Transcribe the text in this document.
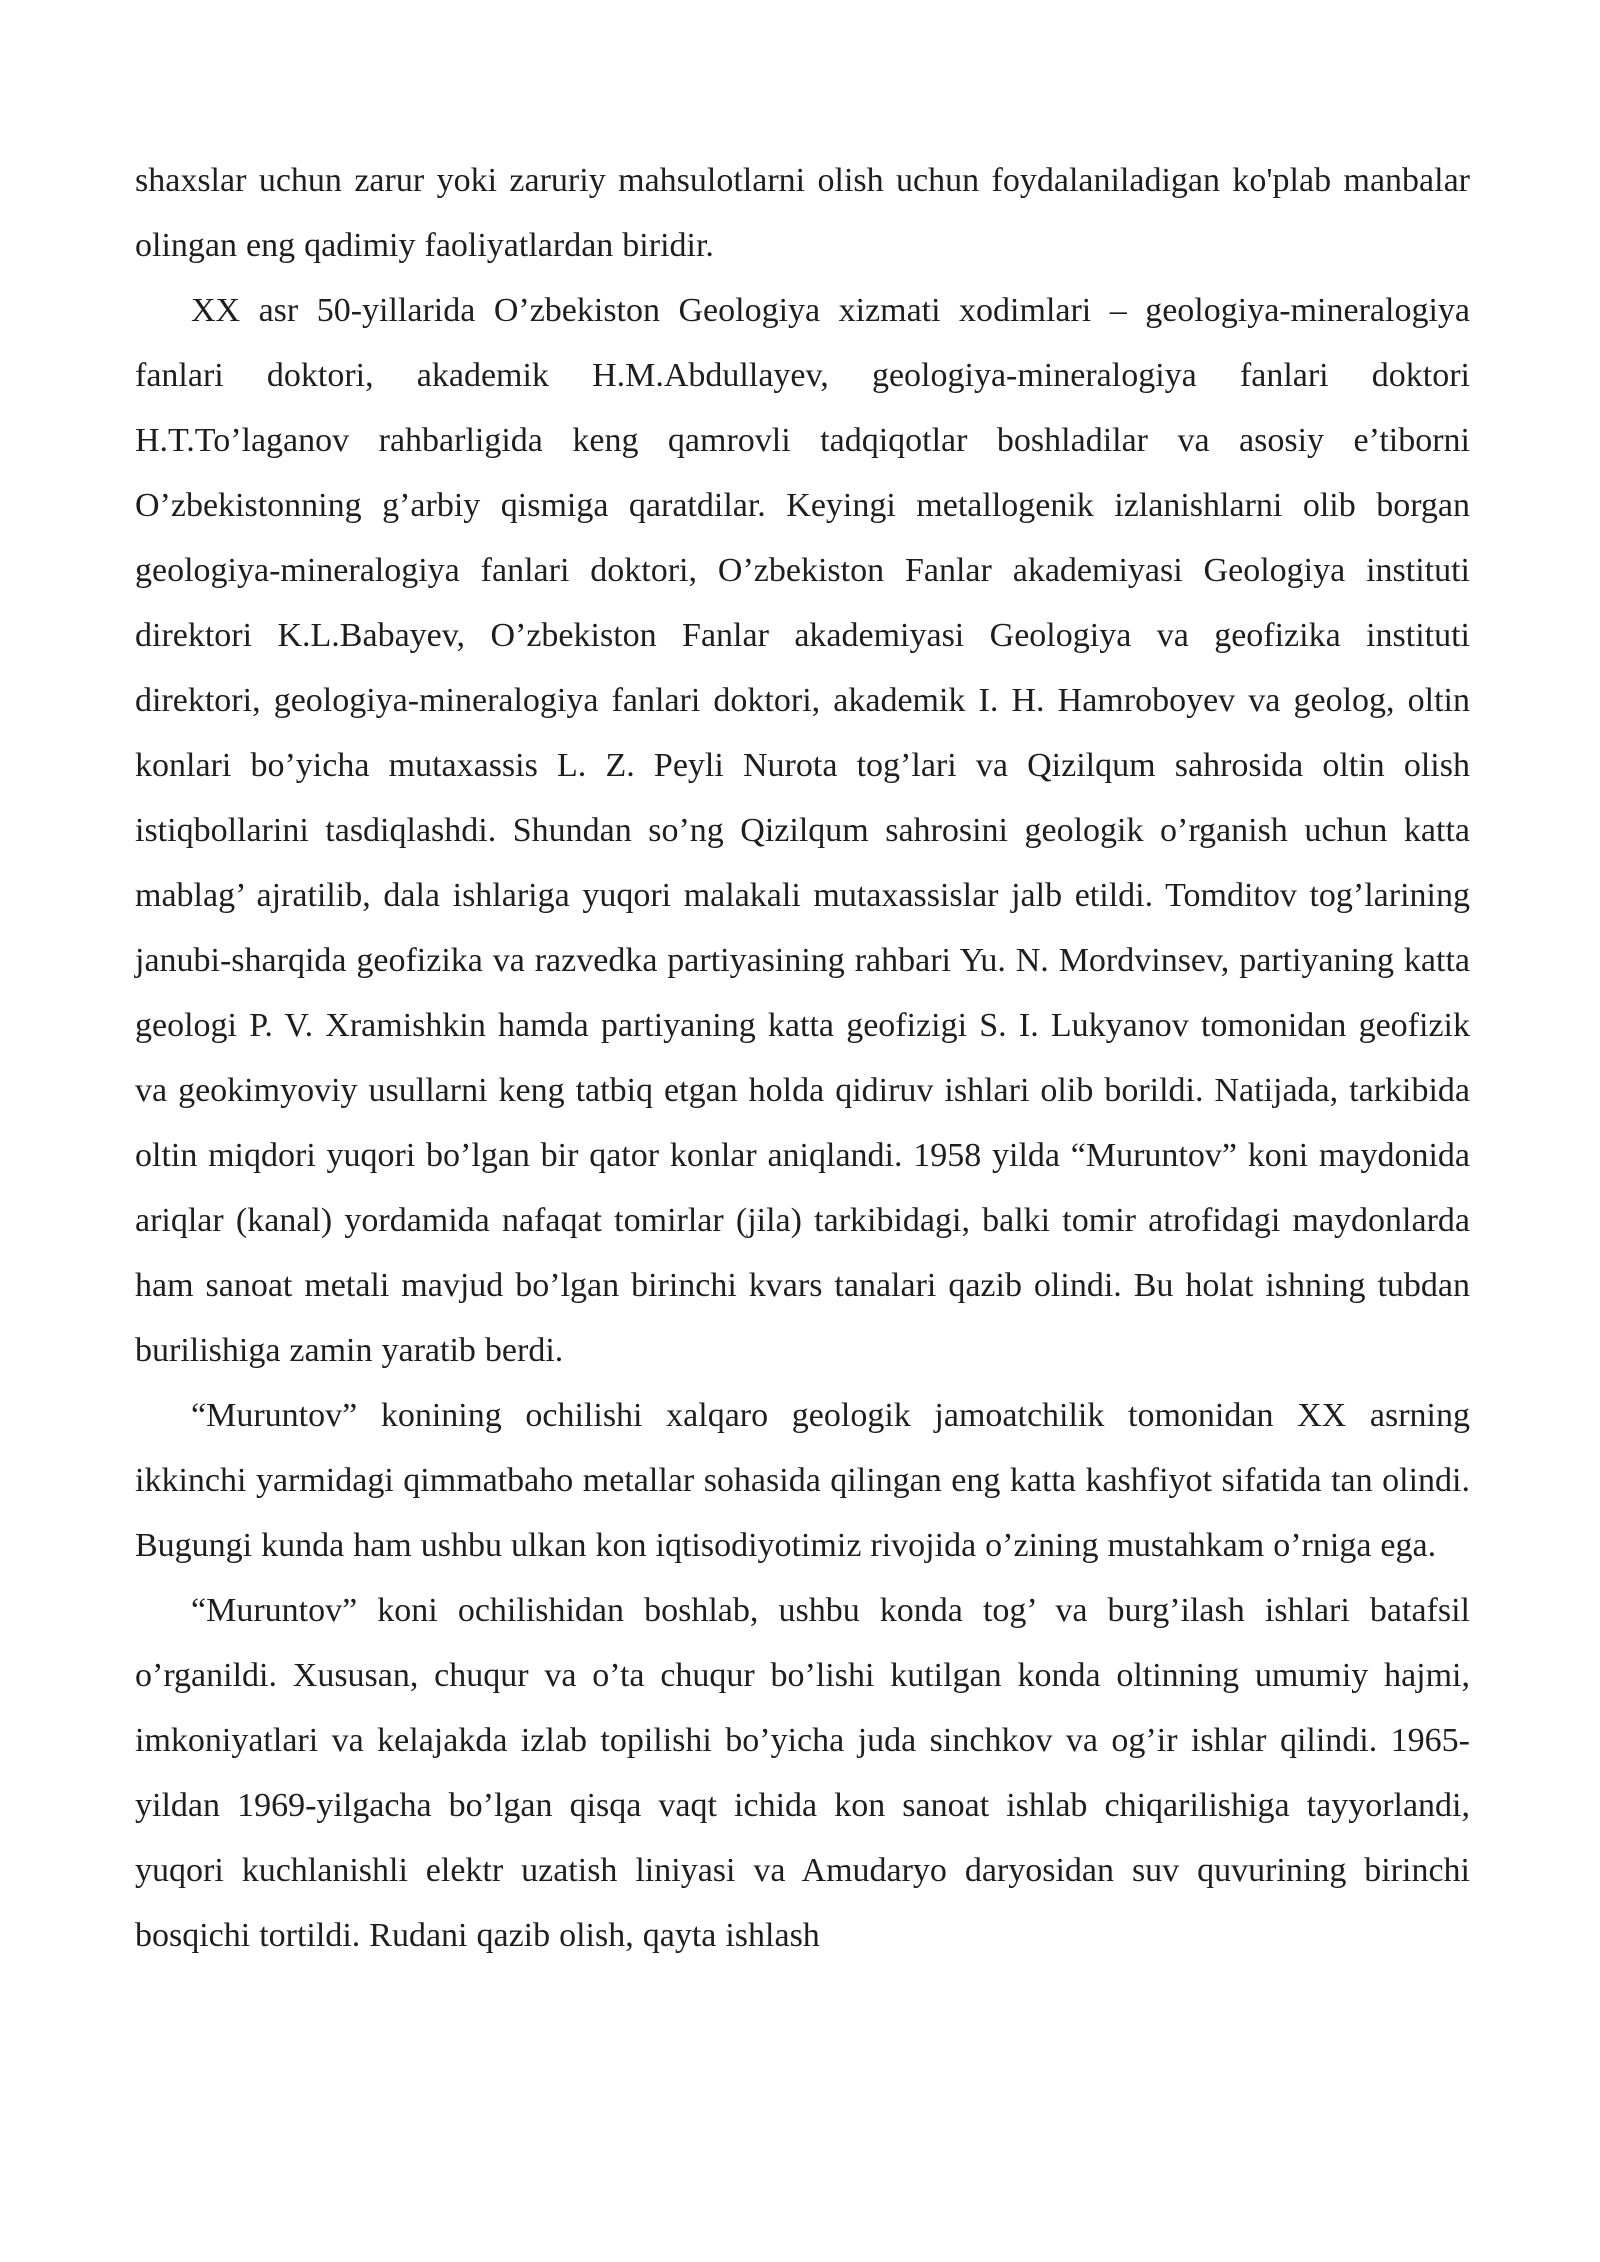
shaxslar uchun zarur yoki zaruriy mahsulotlarni olish uchun foydalaniladigan ko'plab manbalar olingan eng qadimiy faoliyatlardan biridir.

XX asr 50-yillarida O’zbekiston Geologiya xizmati xodimlari – geologiya-mineralogiya fanlari doktori, akademik H.M.Abdullayev, geologiya-mineralogiya fanlari doktori H.T.To’laganov rahbarligida keng qamrovli tadqiqotlar boshladilar va asosiy e’tiborni O’zbekistonning g’arbiy qismiga qaratdilar. Keyingi metallogenik izlanishlarni olib borgan geologiya-mineralogiya fanlari doktori, O’zbekiston Fanlar akademiyasi Geologiya instituti direktori K.L.Babayev, O’zbekiston Fanlar akademiyasi Geologiya va geofizika instituti direktori, geologiya-mineralogiya fanlari doktori, akademik I. H. Hamroboyev va geolog, oltin konlari bo’yicha mutaxassis L. Z. Peyli Nurota tog’lari va Qizilqum sahrosida oltin olish istiqbollarini tasdiqlashdi. Shundan so’ng Qizilqum sahrosini geologik o’rganish uchun katta mablag’ ajratilib, dala ishlariga yuqori malakali mutaxassislar jalb etildi. Tomditov tog’larining janubi-sharqida geofizika va razvedka partiyasining rahbari Yu. N. Mordvinsev, partiyaning katta geologi P. V. Xramishkin hamda partiyaning katta geofizigi S. I. Lukyanov tomonidan geofizik va geokimyoviy usullarni keng tatbiq etgan holda qidiruv ishlari olib borildi. Natijada, tarkibida oltin miqdori yuqori bo’lgan bir qator konlar aniqlandi. 1958 yilda “Muruntov” koni maydonida ariqlar (kanal) yordamida nafaqat tomirlar (jila) tarkibidagi, balki tomir atrofidagi maydonlarda ham sanoat metali mavjud bo’lgan birinchi kvars tanalari qazib olindi. Bu holat ishning tubdan burilishiga zamin yaratib berdi.

“Muruntov” konining ochilishi xalqaro geologik jamoatchilik tomonidan XX asrning ikkinchi yarmidagi qimmatbaho metallar sohasida qilingan eng katta kashfiyot sifatida tan olindi. Bugungi kunda ham ushbu ulkan kon iqtisodiyotimiz rivojida o’zining mustahkam o’rniga ega.

“Muruntov” koni ochilishidan boshlab, ushbu konda tog’ va burg’ilash ishlari batafsil o’rganildi. Xususan, chuqur va o’ta chuqur bo’lishi kutilgan konda oltinning umumiy hajmi, imkoniyatlari va kelajakda izlab topilishi bo’yicha juda sinchkov va og’ir ishlar qilindi. 1965-yildan 1969-yilgacha bo’lgan qisqa vaqt ichida kon sanoat ishlab chiqarilishiga tayyorlandi, yuqori kuchlanishli elektr uzatish liniyasi va Amudaryo daryosidan suv quvurining birinchi bosqichi tortildi. Rudani qazib olish, qayta ishlash
